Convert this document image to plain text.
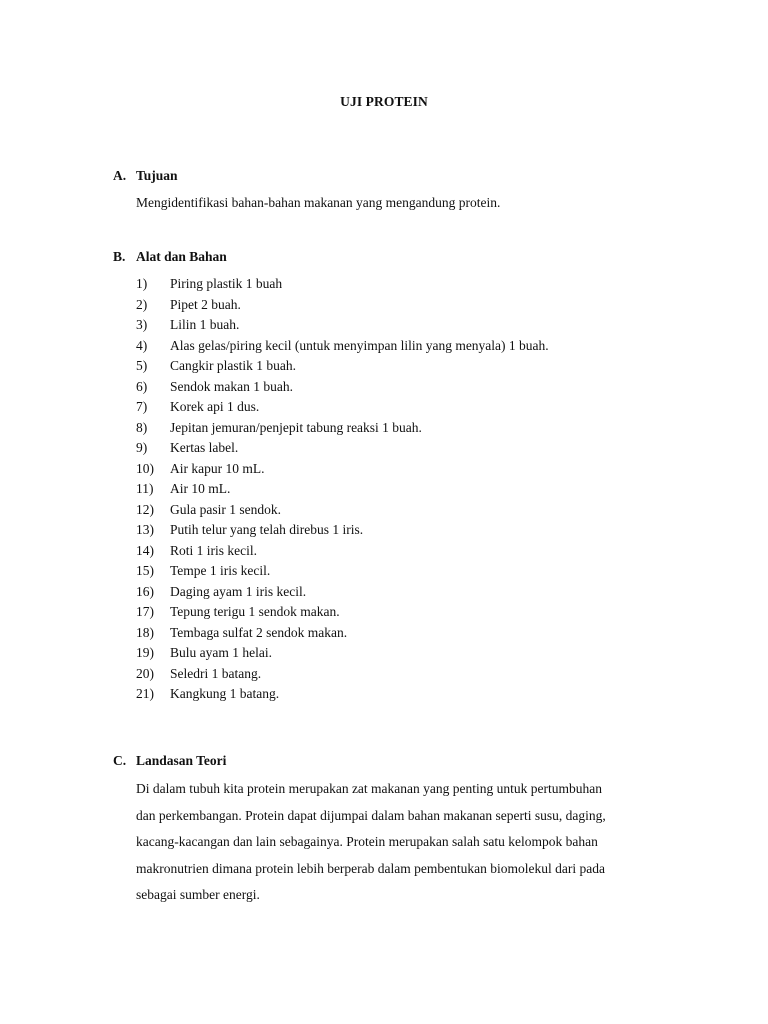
UJI PROTEIN
A. Tujuan
Mengidentifikasi bahan-bahan makanan yang mengandung protein.
B. Alat dan Bahan
1) Piring plastik 1 buah
2) Pipet 2 buah.
3) Lilin 1 buah.
4) Alas gelas/piring kecil (untuk menyimpan lilin yang menyala) 1 buah.
5) Cangkir plastik 1 buah.
6) Sendok makan 1 buah.
7) Korek api 1 dus.
8) Jepitan jemuran/penjepit tabung reaksi 1 buah.
9) Kertas label.
10) Air kapur 10 mL.
11) Air 10 mL.
12) Gula pasir 1 sendok.
13) Putih telur yang telah direbus 1 iris.
14) Roti 1 iris kecil.
15) Tempe 1 iris kecil.
16) Daging ayam 1 iris kecil.
17) Tepung terigu 1 sendok makan.
18) Tembaga sulfat 2 sendok makan.
19) Bulu ayam 1 helai.
20) Seledri 1 batang.
21) Kangkung 1 batang.
C. Landasan Teori
Di dalam tubuh kita protein merupakan zat makanan yang penting untuk pertumbuhan
dan perkembangan. Protein dapat dijumpai dalam bahan makanan seperti susu, daging,
kacang-kacangan dan lain sebagainya. Protein merupakan salah satu kelompok bahan
makronutrien dimana protein lebih berperab dalam pembentukan biomolekul dari pada
sebagai sumber energi.
